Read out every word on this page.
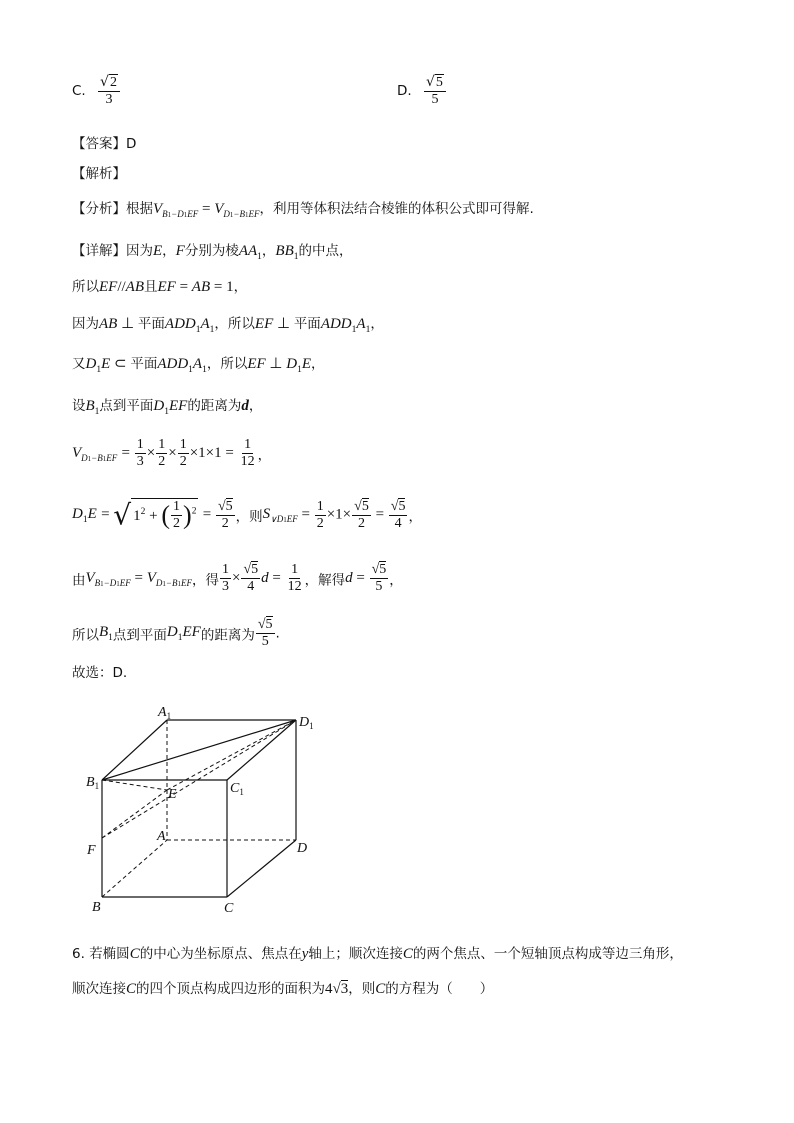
C. $\frac{√2}{3}$	D. $\frac{√5}{5}$
【答案】D
【解析】
【分析】根据$V_{B1-D1EF} = V_{D1-B1EF}$，利用等体积法结合棱锥的体积公式即可得解.
【详解】因为E，F分别为棱$AA_1$，$BB_1$的中点，
所以EF//AB且EF = AB = 1，
因为AB ⊥ 平面$ADD_1A_1$，所以EF ⊥ 平面$ADD_1A_1$，
又$D_1E$ ⊂ 平面$ADD_1A_1$，所以EF ⊥ $D_1E$，
设$B_1$点到平面$D_1EF$的距离为d，
$V_{D1-B1EF} = \frac{1}{3} \times \frac{1}{2} \times \frac{1}{2} \times 1\times 1 = \frac{1}{12}$ ，
$D_1E$ = √ $1^2$ + ( $\frac{1}{2} )^2 = \frac{√5}{2}$ ，则$S_{\vee D1EF} = \frac{1}{2} \times 1\times \frac{√5}{2} = \frac{√5}{4}$ ，
由$V_{B1-D1EF} = V_{D1-B1EF}$，得 $\frac{1}{3} \times \frac{√5}{4}$ $d = \frac{1}{12}$ ，解得$d = \frac{√5}{5}$ ，
所以$B_1$点到平面$D_1EF$的距离为 $\frac{√5}{5}$ .
故选：D.
$A_1$	$D_1$
$B_1$
E	$C_1$
A
F	D
B	C
6. 若椭圆C的中心为坐标原点、焦点在y轴上；顺次连接C的两个焦点、一个短轴顶点构成等边三角形，
顺次连接C的四个顶点构成四边形的面积为4√3，则C的方程为（　　）
